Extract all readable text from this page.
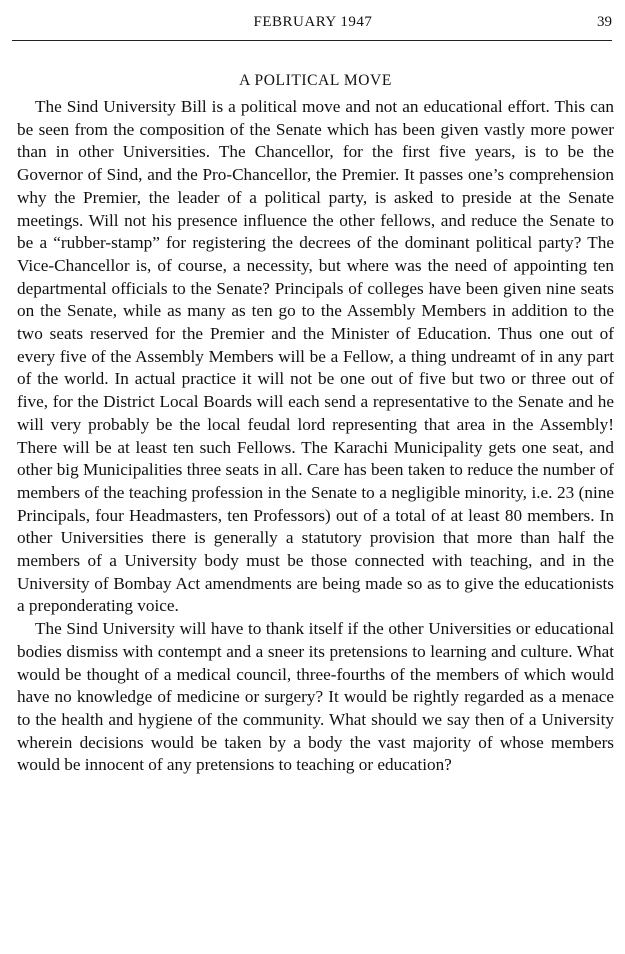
FEBRUARY 1947	39
A POLITICAL MOVE

The Sind University Bill is a political move and not an educational effort. This can be seen from the composition of the Senate which has been given vastly more power than in other Universities. The Chancellor, for the first five years, is to be the Governor of Sind, and the Pro-Chancellor, the Premier. It passes one’s comprehension why the Premier, the leader of a political party, is asked to preside at the Senate meetings. Will not his presence influence the other fellows, and reduce the Senate to be a “rubber-stamp” for registering the decrees of the dominant political party? The Vice-Chancellor is, of course, a necessity, but where was the need of appointing ten departmental officials to the Senate? Principals of colleges have been given nine seats on the Senate, while as many as ten go to the Assembly Members in addition to the two seats reserved for the Premier and the Minister of Education. Thus one out of every five of the Assembly Members will be a Fellow, a thing undreamt of in any part of the world. In actual practice it will not be one out of five but two or three out of five, for the District Local Boards will each send a representative to the Senate and he will very probably be the local feudal lord representing that area in the Assembly! There will be at least ten such Fellows. The Karachi Municipality gets one seat, and other big Municipalities three seats in all. Care has been taken to reduce the number of members of the teaching profession in the Senate to a negligible minority, i.e. 23 (nine Principals, four Headmasters, ten Professors) out of a total of at least 80 members. In other Universities there is generally a statutory provision that more than half the members of a University body must be those connected with teaching, and in the University of Bombay Act amendments are being made so as to give the educationists a preponderating voice.

The Sind University will have to thank itself if the other Universities or educational bodies dismiss with contempt and a sneer its pretensions to learning and culture. What would be thought of a medical council, three-fourths of the members of which would have no knowledge of medicine or surgery? It would be rightly regarded as a menace to the health and hygiene of the community. What should we say then of a University wherein decisions would be taken by a body the vast majority of whose members would be innocent of any pretensions to teaching or education?
